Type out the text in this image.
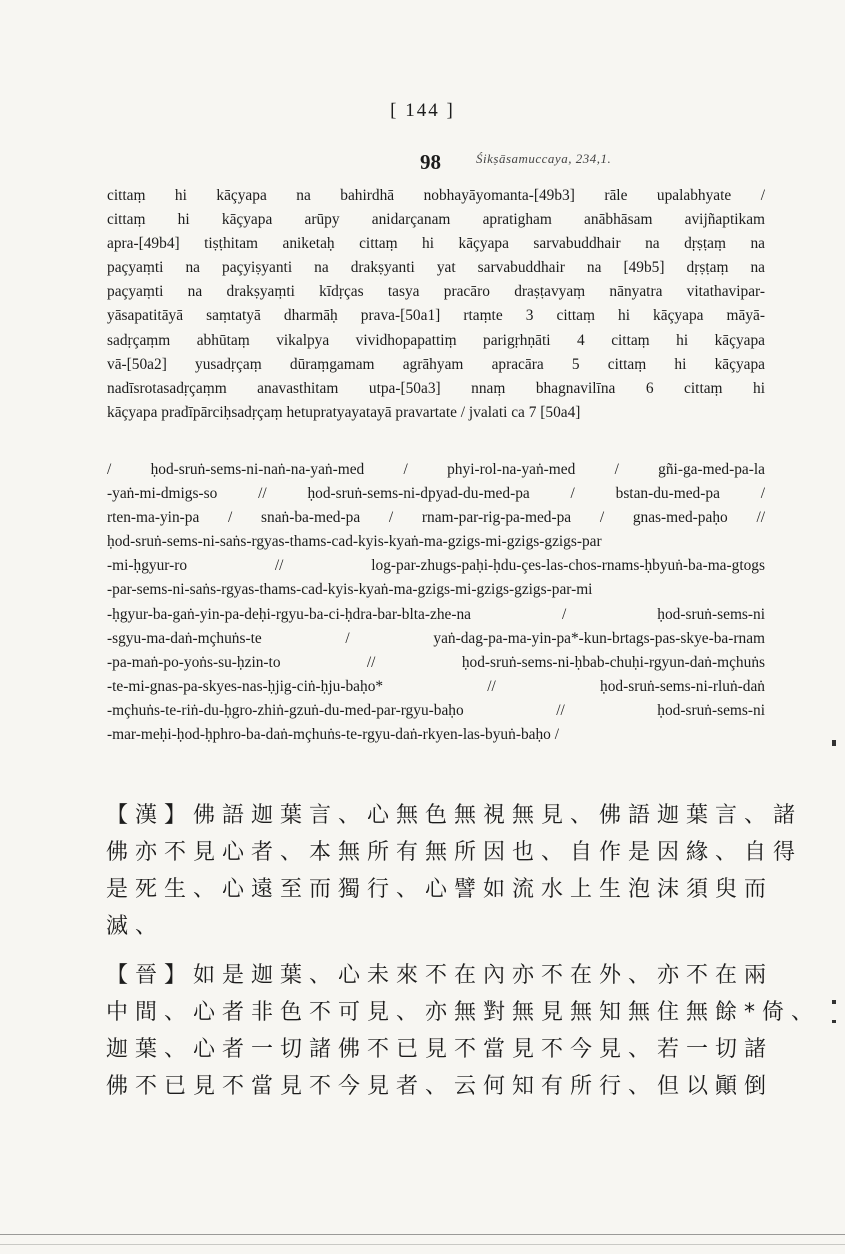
[ 144 ]
98	Śikṣāsamuccaya, 234,1.
cittaṃ hi kāçyapa na bahirdhā nobhayāyomanta-[49b3] rāle upalabhyate /
cittaṃ hi kāçyapa arūpy anidarçanam apratigham anābhāsam avijñaptikam
apra-[49b4] tiṣṭhitam aniketaḥ cittaṃ hi kāçyapa sarvabuddhair na dṛṣṭaṃ na
paçyaṃti na paçyiṣyanti na drakṣyanti yat sarvabuddhair na [49b5] dṛṣṭaṃ na
paçyaṃti na drakṣyaṃti kīdṛças tasya pracāro draṣṭavyaṃ nānyatra vitathavipar-
yāsapatitāyā saṃtatyā dharmāḥ prava-[50a1] rtaṃte 3 cittaṃ hi kāçyapa māyā-
sadṛçaṃm abhūtaṃ vikalpya vividhopapattiṃ parigṛhṇāti 4 cittaṃ hi kāçyapa
vā-[50a2] yusadṛçaṃ dūraṃgamam agrāhyam apracāra 5 cittaṃ hi kāçyapa
nadīsrotasadṛçaṃm anavasthitam utpa-[50a3] nnaṃ bhagnavilīna 6 cittaṃ hi
kāçyapa pradīpārciḥsadṛçaṃ hetupratyayatayā pravartate / jvalati ca 7 [50a4]
/ ḥod-sruṅ-sems-ni-naṅ-na-yaṅ-med / phyi-rol-na-yaṅ-med / gñi-ga-med-pa-la
-yaṅ-mi-dmigs-so // ḥod-sruṅ-sems-ni-dpyad-du-med-pa / bstan-du-med-pa /
rten-ma-yin-pa / snaṅ-ba-med-pa / rnam-par-rig-pa-med-pa / gnas-med-paḥo //
ḥod-sruṅ-sems-ni-saṅs-rgyas-thams-cad-kyis-kyaṅ-ma-gzigs-mi-gzigs-gzigs-par
-mi-ḥgyur-ro // log-par-zhugs-paḥi-ḥdu-çes-las-chos-rnams-ḥbyuṅ-ba-ma-gtogs
-par-sems-ni-saṅs-rgyas-thams-cad-kyis-kyaṅ-ma-gzigs-mi-gzigs-gzigs-par-mi
-ḥgyur-ba-gaṅ-yin-pa-deḥi-rgyu-ba-ci-ḥdra-bar-blta-zhe-na / ḥod-sruṅ-sems-ni
-sgyu-ma-daṅ-mçhuṅs-te / yaṅ-dag-pa-ma-yin-pa*-kun-brtags-pas-skye-ba-rnam
-pa-maṅ-po-yoṅs-su-ḥzin-to // ḥod-sruṅ-sems-ni-ḥbab-chuḥi-rgyun-daṅ-mçhuṅs
-te-mi-gnas-pa-skyes-nas-ḥjig-ciṅ-ḥju-baḥo* // ḥod-sruṅ-sems-ni-rluṅ-daṅ
-mçhuṅs-te-riṅ-du-ḥgro-zhiṅ-gzuṅ-du-med-par-rgyu-baḥo // ḥod-sruṅ-sems-ni
-mar-meḥi-ḥod-ḥphro-ba-daṅ-mçhuṅs-te-rgyu-daṅ-rkyen-las-byuṅ-baḥo /
【漢】佛語迦葉言、心無色無視無見、佛語迦葉言、諸
佛亦不見心者、本無所有無所因也、自作是因緣、自得
是死生、心遠至而獨行、心譬如流水上生泡沫須臾而
滅、
【晉】如是迦葉、心未來不在內亦不在外、亦不在兩
中間、心者非色不可見、亦無對無見無知無住無餘*倚、
迦葉、心者一切諸佛不已見不當見不今見、若一切諸
佛不已見不當見不今見者、云何知有所行、但以顚倒
